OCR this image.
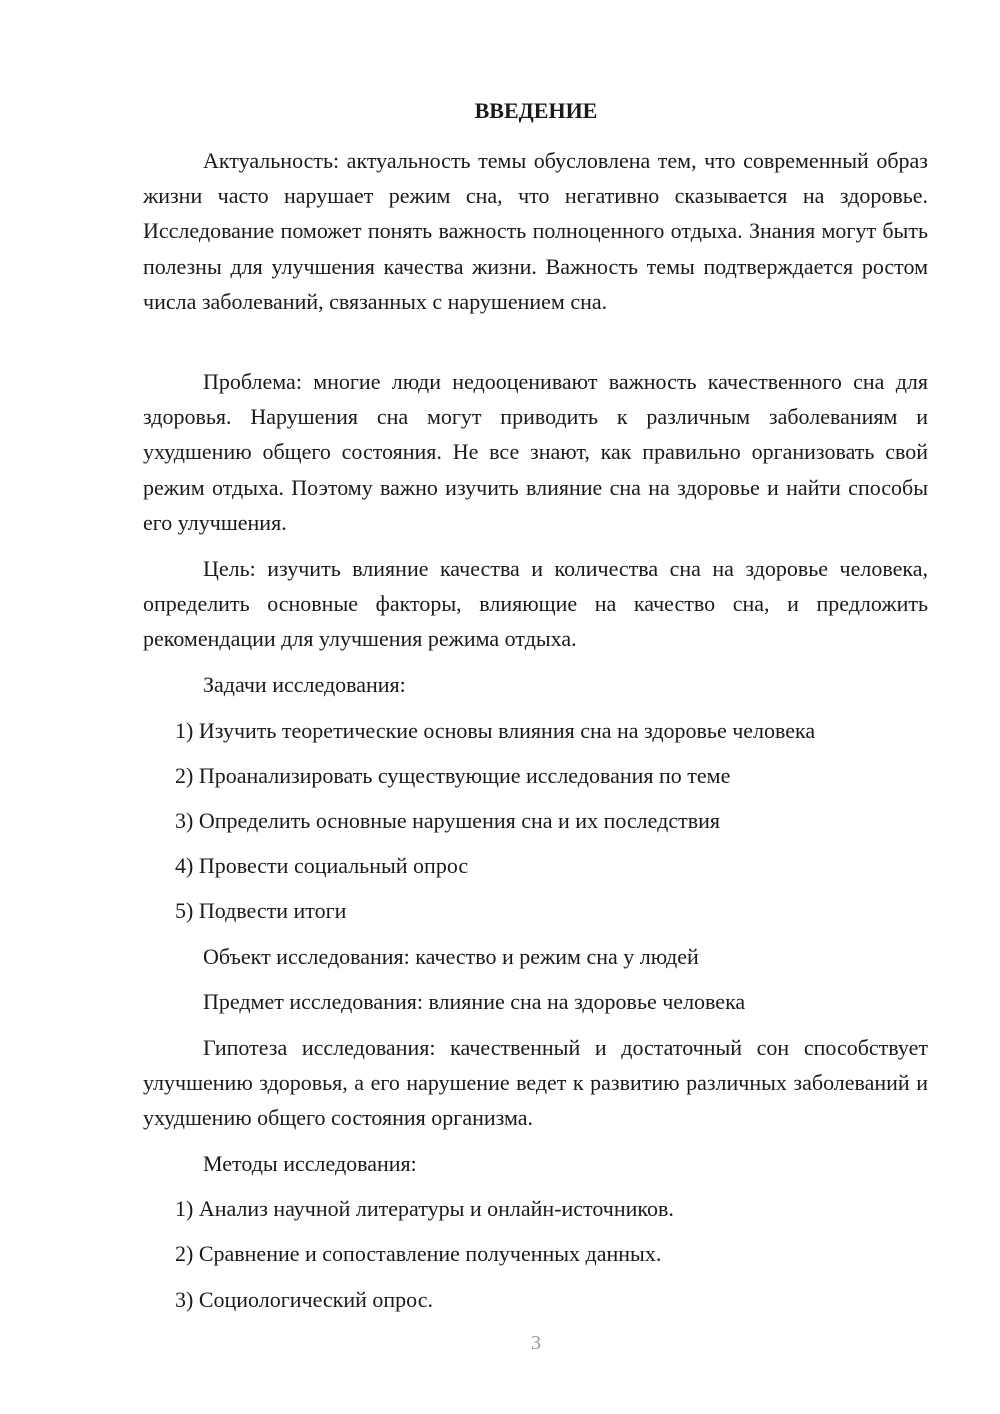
ВВЕДЕНИЕ

Актуальность: актуальность темы обусловлена тем, что современный образ жизни часто нарушает режим сна, что негативно сказывается на здоровье. Исследование поможет понять важность полноценного отдыха. Знания могут быть полезны для улучшения качества жизни. Важность темы подтверждается ростом числа заболеваний, связанных с нарушением сна.

Проблема: многие люди недооценивают важность качественного сна для здоровья. Нарушения сна могут приводить к различным заболеваниям и ухудшению общего состояния. Не все знают, как правильно организовать свой режим отдыха. Поэтому важно изучить влияние сна на здоровье и найти способы его улучшения.

Цель: изучить влияние качества и количества сна на здоровье человека, определить основные факторы, влияющие на качество сна, и предложить рекомендации для улучшения режима отдыха.

Задачи исследования:

1) Изучить теоретические основы влияния сна на здоровье человека

2) Проанализировать существующие исследования по теме

3) Определить основные нарушения сна и их последствия

4) Провести социальный опрос

5) Подвести итоги

Объект исследования: качество и режим сна у людей

Предмет исследования: влияние сна на здоровье человека

Гипотеза исследования: качественный и достаточный сон способствует улучшению здоровья, а его нарушение ведет к развитию различных заболеваний и ухудшению общего состояния организма.

Методы исследования:

1) Анализ научной литературы и онлайн-источников.

2) Сравнение и сопоставление полученных данных.

3) Социологический опрос.

3
